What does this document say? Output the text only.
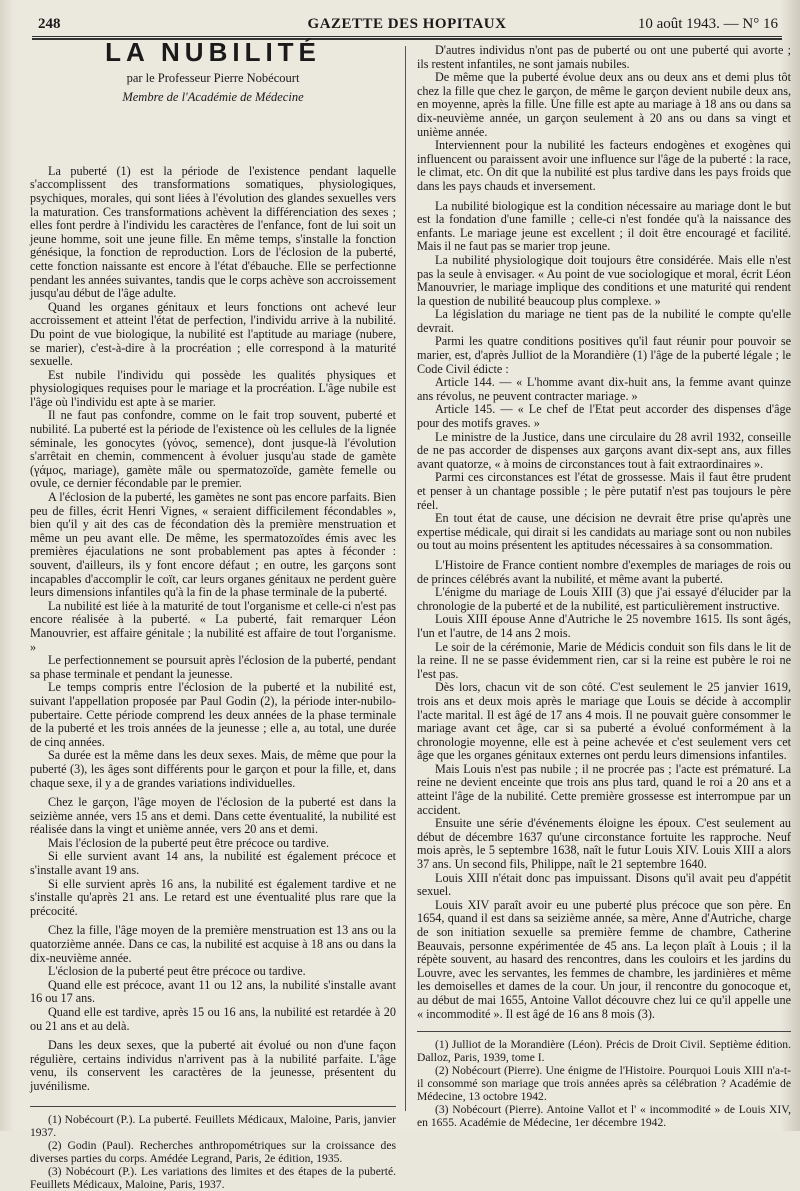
248	GAZETTE DES HOPITAUX	10 août 1943. — N° 16
LA NUBILITÉ
par le Professeur Pierre Nobécourt
Membre de l'Académie de Médecine

La puberté (1) est la période de l'existence pendant laquelle s'accomplissent des transformations somatiques, physiologiques, psychiques, morales, qui sont liées à l'évolution des glandes sexuelles vers la maturation. Ces transformations achèvent la différenciation des sexes ; elles font perdre à l'individu les caractères de l'enfance, font de lui soit un jeune homme, soit une jeune fille. En même temps, s'installe la fonction génésique, la fonction de reproduction. Lors de l'éclosion de la puberté, cette fonction naissante est encore à l'état d'ébauche. Elle se perfectionne pendant les années suivantes, tandis que le corps achève son accroissement jusqu'au début de l'âge adulte.

Quand les organes génitaux et leurs fonctions ont achevé leur accroissement et atteint l'état de perfection, l'individu arrive à la nubilité. Du point de vue biologique, la nubilité est l'aptitude au mariage (nubere, se marier), c'est-à-dire à la procréation ; elle correspond à la maturité sexuelle.

Est nubile l'individu qui possède les qualités physiques et physiologiques requises pour le mariage et la procréation. L'âge nubile est l'âge où l'individu est apte à se marier.

Il ne faut pas confondre, comme on le fait trop souvent, puberté et nubilité. La puberté est la période de l'existence où les cellules de la lignée séminale, les gonocytes (γόνος, semence), dont jusque-là l'évolution s'arrêtait en chemin, commencent à évoluer jusqu'au stade de gamète (γάμος, mariage), gamète mâle ou spermatozoïde, gamète femelle ou ovule, ce dernier fécondable par le premier.

A l'éclosion de la puberté, les gamètes ne sont pas encore parfaits. Bien peu de filles, écrit Henri Vignes, « seraient difficilement fécondables », bien qu'il y ait des cas de fécondation dès la première menstruation et même un peu avant elle. De même, les spermatozoïdes émis avec les premières éjaculations ne sont probablement pas aptes à féconder : souvent, d'ailleurs, ils y font encore défaut ; en outre, les garçons sont incapables d'accomplir le coït, car leurs organes génitaux ne perdent guère leurs dimensions infantiles qu'à la fin de la phase terminale de la puberté.

La nubilité est liée à la maturité de tout l'organisme et celle-ci n'est pas encore réalisée à la puberté. « La puberté, fait remarquer Léon Manouvrier, est affaire génitale ; la nubilité est affaire de tout l'organisme. »

Le perfectionnement se poursuit après l'éclosion de la puberté, pendant sa phase terminale et pendant la jeunesse.

Le temps compris entre l'éclosion de la puberté et la nubilité est, suivant l'appellation proposée par Paul Godin (2), la période inter-nubilo-pubertaire. Cette période comprend les deux années de la phase terminale de la puberté et les trois années de la jeunesse ; elle a, au total, une durée de cinq années.

Sa durée est la même dans les deux sexes. Mais, de même que pour la puberté (3), les âges sont différents pour le garçon et pour la fille, et, dans chaque sexe, il y a de grandes variations individuelles.

Chez le garçon, l'âge moyen de l'éclosion de la puberté est dans la seizième année, vers 15 ans et demi. Dans cette éventualité, la nubilité est réalisée dans la vingt et unième année, vers 20 ans et demi.

Mais l'éclosion de la puberté peut être précoce ou tardive.

Si elle survient avant 14 ans, la nubilité est également précoce et s'installe avant 19 ans.

Si elle survient après 16 ans, la nubilité est également tardive et ne s'installe qu'après 21 ans. Le retard est une éventualité plus rare que la précocité.

Chez la fille, l'âge moyen de la première menstruation est 13 ans ou la quatorzième année. Dans ce cas, la nubilité est acquise à 18 ans ou dans la dix-neuvième année.

L'éclosion de la puberté peut être précoce ou tardive.

Quand elle est précoce, avant 11 ou 12 ans, la nubilité s'installe avant 16 ou 17 ans.

Quand elle est tardive, après 15 ou 16 ans, la nubilité est retardée à 20 ou 21 ans et au delà.

Dans les deux sexes, que la puberté ait évolué ou non d'une façon régulière, certains individus n'arrivent pas à la nubilité parfaite. L'âge venu, ils conservent les caractères de la jeunesse, présentent du juvénilisme.

(1) Nobécourt (P.). La puberté. Feuillets Médicaux, Maloine, Paris, janvier 1937.

(2) Godin (Paul). Recherches anthropométriques sur la croissance des diverses parties du corps. Amédée Legrand, Paris, 2e édition, 1935.

(3) Nobécourt (P.). Les variations des limites et des étapes de la puberté. Feuillets Médicaux, Maloine, Paris, 1937.

D'autres individus n'ont pas de puberté ou ont une puberté qui avorte ; ils restent infantiles, ne sont jamais nubiles.

De même que la puberté évolue deux ans ou deux ans et demi plus tôt chez la fille que chez le garçon, de même le garçon devient nubile deux ans, en moyenne, après la fille. Une fille est apte au mariage à 18 ans ou dans sa dix-neuvième année, un garçon seulement à 20 ans ou dans sa vingt et unième année.

Interviennent pour la nubilité les facteurs endogènes et exogènes qui influencent ou paraissent avoir une influence sur l'âge de la puberté : la race, le climat, etc. On dit que la nubilité est plus tardive dans les pays froids que dans les pays chauds et inversement.

La nubilité biologique est la condition nécessaire au mariage dont le but est la fondation d'une famille ; celle-ci n'est fondée qu'à la naissance des enfants. Le mariage jeune est excellent ; il doit être encouragé et facilité. Mais il ne faut pas se marier trop jeune.

La nubilité physiologique doit toujours être considérée. Mais elle n'est pas la seule à envisager. « Au point de vue sociologique et moral, écrit Léon Manouvrier, le mariage implique des conditions et une maturité qui rendent la question de nubilité beaucoup plus complexe. »

La législation du mariage ne tient pas de la nubilité le compte qu'elle devrait.

Parmi les quatre conditions positives qu'il faut réunir pour pouvoir se marier, est, d'après Julliot de la Morandière (1) l'âge de la puberté légale ; le Code Civil édicte :

Article 144. — « L'homme avant dix-huit ans, la femme avant quinze ans révolus, ne peuvent contracter mariage. »

Article 145. — « Le chef de l'Etat peut accorder des dispenses d'âge pour des motifs graves. »

Le ministre de la Justice, dans une circulaire du 28 avril 1932, conseille de ne pas accorder de dispenses aux garçons avant dix-sept ans, aux filles avant quatorze, « à moins de circonstances tout à fait extraordinaires ».

Parmi ces circonstances est l'état de grossesse. Mais il faut être prudent et penser à un chantage possible ; le père putatif n'est pas toujours le père réel.

En tout état de cause, une décision ne devrait être prise qu'après une expertise médicale, qui dirait si les candidats au mariage sont ou non nubiles ou tout au moins présentent les aptitudes nécessaires à sa consommation.

L'Histoire de France contient nombre d'exemples de mariages de rois ou de princes célébrés avant la nubilité, et même avant la puberté.

L'énigme du mariage de Louis XIII (3) que j'ai essayé d'élucider par la chronologie de la puberté et de la nubilité, est particulièrement instructive.

Louis XIII épouse Anne d'Autriche le 25 novembre 1615. Ils sont âgés, l'un et l'autre, de 14 ans 2 mois.

Le soir de la cérémonie, Marie de Médicis conduit son fils dans le lit de la reine. Il ne se passe évidemment rien, car si la reine est pubère le roi ne l'est pas.

Dès lors, chacun vit de son côté. C'est seulement le 25 janvier 1619, trois ans et deux mois après le mariage que Louis se décide à accomplir l'acte marital. Il est âgé de 17 ans 4 mois. Il ne pouvait guère consommer le mariage avant cet âge, car si sa puberté a évolué conformément à la chronologie moyenne, elle est à peine achevée et c'est seulement vers cet âge que les organes génitaux externes ont perdu leurs dimensions infantiles.

Mais Louis n'est pas nubile ; il ne procrée pas ; l'acte est prématuré. La reine ne devient enceinte que trois ans plus tard, quand le roi a 20 ans et a atteint l'âge de la nubilité. Cette première grossesse est interrompue par un accident.

Ensuite une série d'événements éloigne les époux. C'est seulement au début de décembre 1637 qu'une circonstance fortuite les rapproche. Neuf mois après, le 5 septembre 1638, naît le futur Louis XIV. Louis XIII a alors 37 ans. Un second fils, Philippe, naît le 21 septembre 1640.

Louis XIII n'était donc pas impuissant. Disons qu'il avait peu d'appétit sexuel.

Louis XIV paraît avoir eu une puberté plus précoce que son père. En 1654, quand il est dans sa seizième année, sa mère, Anne d'Autriche, charge de son initiation sexuelle sa première femme de chambre, Catherine Beauvais, personne expérimentée de 45 ans. La leçon plaît à Louis ; il la répète souvent, au hasard des rencontres, dans les couloirs et les jardins du Louvre, avec les servantes, les femmes de chambre, les jardinières et même les demoiselles et dames de la cour. Un jour, il rencontre du gonocoque et, au début de mai 1655, Antoine Vallot découvre chez lui ce qu'il appelle une « incommodité ». Il est âgé de 16 ans 8 mois (3).

(1) Julliot de la Morandière (Léon). Précis de Droit Civil. Septième édition. Dalloz, Paris, 1939, tome I.

(2) Nobécourt (Pierre). Une énigme de l'Histoire. Pourquoi Louis XIII n'a-t-il consommé son mariage que trois années après sa célébration ? Académie de Médecine, 13 octobre 1942.

(3) Nobécourt (Pierre). Antoine Vallot et l' « incommodité » de Louis XIV, en 1655. Académie de Médecine, 1er décembre 1942.
